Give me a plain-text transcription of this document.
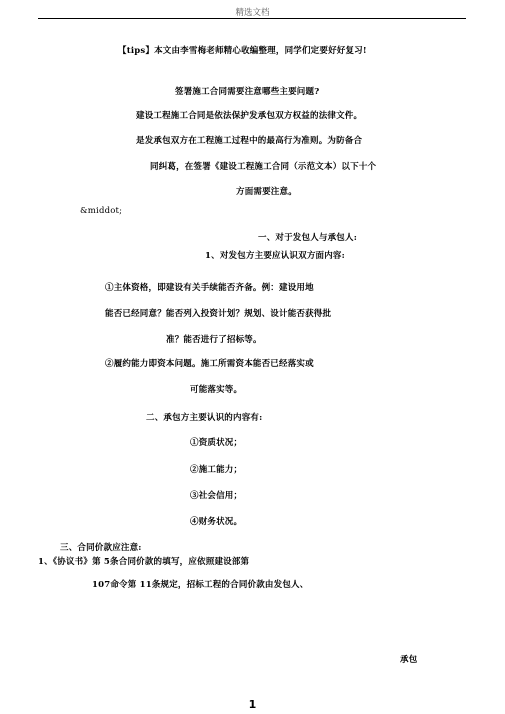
精选文档
【tips】本文由李雪梅老师精心收编整理，同学们定要好好复习!
签署施工合同需要注意哪些主要问题?
建设工程施工合同是依法保护发承包双方权益的法律文件。
是发承包双方在工程施工过程中的最高行为准则。为防备合
同纠葛，在签署《建设工程施工合同（示范文本）以下十个
方面需要注意。
&middot;
一、对于发包人与承包人:
1、对发包方主要应认识双方面内容:
①主体资格，即建设有关手续能否齐备。例：建设用地
能否已经同意？能否列入投资计划？规划、设计能否获得批
准？能否进行了招标等。
②履约能力即资本问题。施工所需资本能否已经落实或
可能落实等。
二、承包方主要认识的内容有:
①资质状况；
②施工能力；
③社会信用；
④财务状况。
三、合同价款应注意:
1、《协议书》第 5条合同价款的填写，应依照建设部第
107命令第 11条规定，招标工程的合同价款由发包人、
承包
1
